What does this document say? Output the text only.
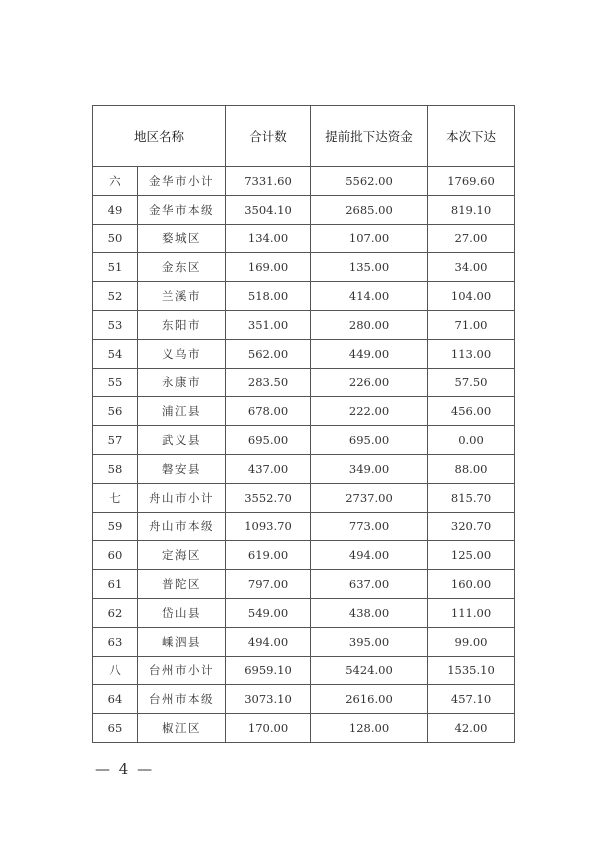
地区名称		合计数	提前批下达资金	本次下达
六	金华市小计	7331.60	5562.00	1769.60
49	金华市本级	3504.10	2685.00	819.10
50	婺城区	134.00	107.00	27.00
51	金东区	169.00	135.00	34.00
52	兰溪市	518.00	414.00	104.00
53	东阳市	351.00	280.00	71.00
54	义乌市	562.00	449.00	113.00
55	永康市	283.50	226.00	57.50
56	浦江县	678.00	222.00	456.00
57	武义县	695.00	695.00	0.00
58	磐安县	437.00	349.00	88.00
七	舟山市小计	3552.70	2737.00	815.70
59	舟山市本级	1093.70	773.00	320.70
60	定海区	619.00	494.00	125.00
61	普陀区	797.00	637.00	160.00
62	岱山县	549.00	438.00	111.00
63	嵊泗县	494.00	395.00	99.00
八	台州市小计	6959.10	5424.00	1535.10
64	台州市本级	3073.10	2616.00	457.10
65	椒江区	170.00	128.00	42.00
— 4 —
